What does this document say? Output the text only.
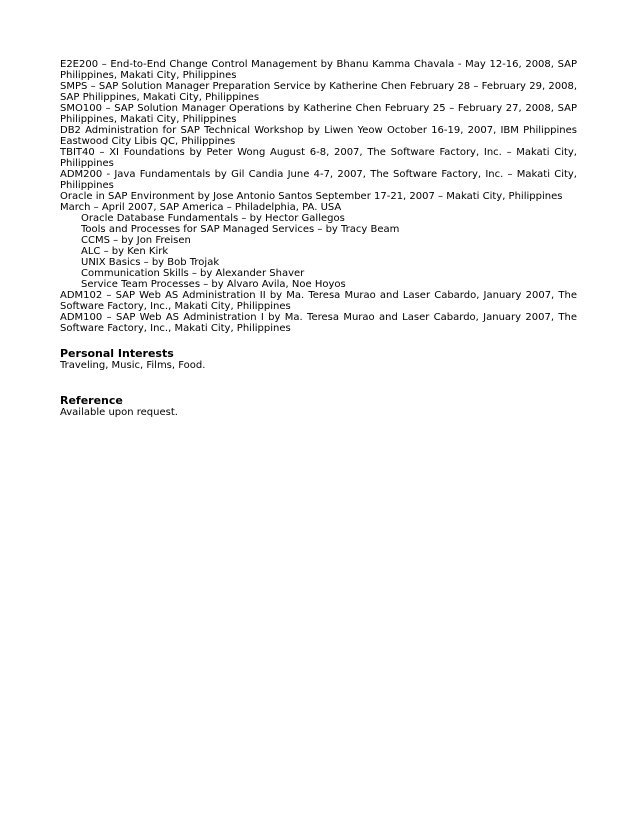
E2E200 – End-to-End Change Control Management by Bhanu Kamma Chavala - May 12-16, 2008, SAP Philippines, Makati City, Philippines

SMPS – SAP Solution Manager Preparation Service by Katherine Chen February 28 – February 29, 2008, SAP Philippines, Makati City, Philippines

SMO100 – SAP Solution Manager Operations by Katherine Chen February 25 – February 27, 2008, SAP Philippines, Makati City, Philippines

DB2 Administration for SAP Technical Workshop by Liwen Yeow October 16-19, 2007, IBM Philippines Eastwood City Libis QC, Philippines

TBIT40 – XI Foundations by Peter Wong August 6-8, 2007, The Software Factory, Inc. – Makati City, Philippines

ADM200 - Java Fundamentals by Gil Candia June 4-7, 2007, The Software Factory, Inc. – Makati City, Philippines

Oracle in SAP Environment by Jose Antonio Santos September 17-21, 2007 – Makati City, Philippines

March – April 2007, SAP America – Philadelphia, PA. USA

Oracle Database Fundamentals – by Hector Gallegos

Tools and Processes for SAP Managed Services – by Tracy Beam

CCMS – by Jon Freisen

ALC – by Ken Kirk

UNIX Basics – by Bob Trojak

Communication Skills – by Alexander Shaver

Service Team Processes – by Alvaro Avila, Noe Hoyos

ADM102 – SAP Web AS Administration II by Ma. Teresa Murao and Laser Cabardo, January 2007, The Software Factory, Inc., Makati City, Philippines

ADM100 – SAP Web AS Administration I by Ma. Teresa Murao and Laser Cabardo, January 2007, The Software Factory, Inc., Makati City, Philippines

Personal Interests

Traveling, Music, Films, Food.

Reference

Available upon request.
